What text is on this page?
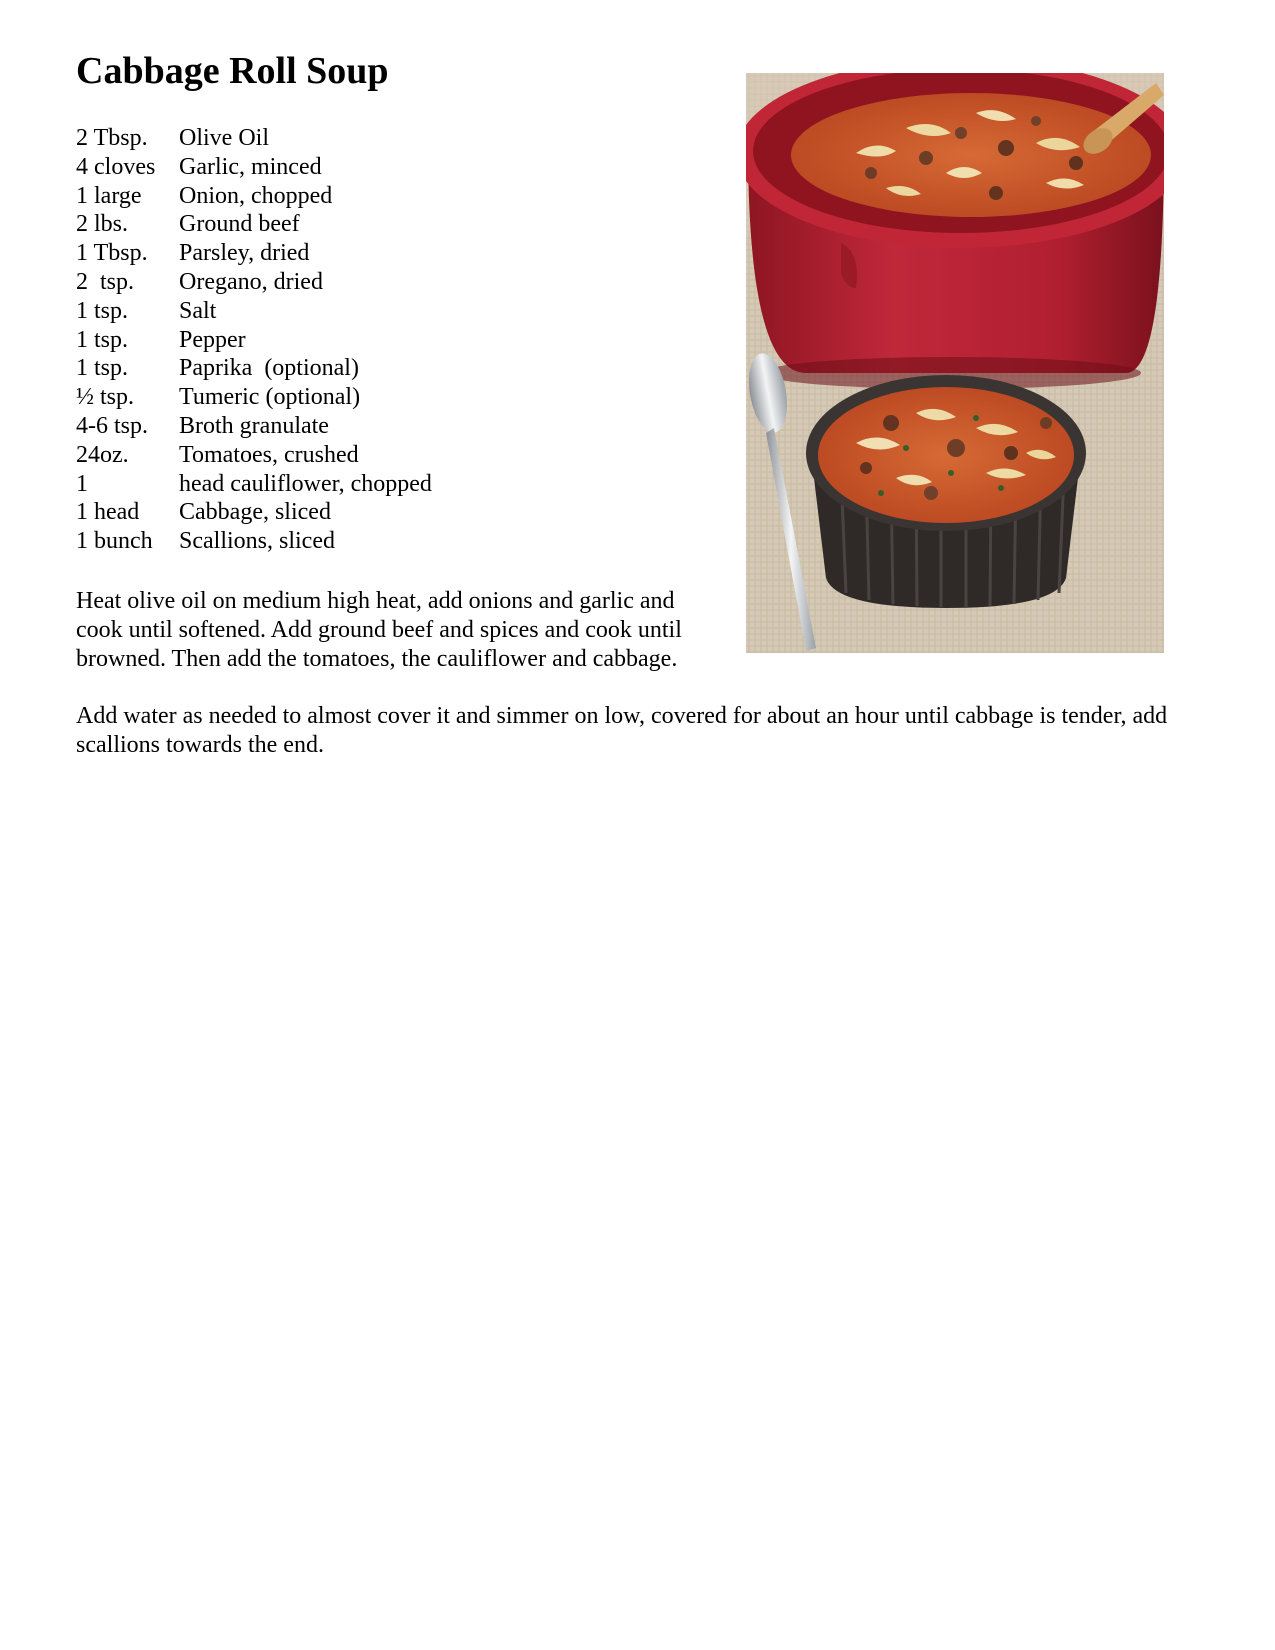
Cabbage Roll Soup
2 Tbsp.	Olive Oil
4 cloves Garlic, minced
1 large	Onion, chopped
2 lbs.	Ground beef
1 Tbsp.	Parsley, dried
2  tsp.	Oregano, dried
1 tsp.	Salt
1 tsp.	Pepper
1 tsp.	Paprika  (optional)
½ tsp.	Tumeric (optional)
4-6 tsp.	Broth granulate
24oz.	Tomatoes, crushed
1	head cauliflower, chopped
1 head	Cabbage, sliced
1 bunch	Scallions, sliced

Heat olive oil on medium high heat, add onions and garlic and cook until softened. Add ground beef and spices and cook until browned. Then add the tomatoes, the cauliflower and cabbage.

Add water as needed to almost cover it and simmer on low, covered for about an hour until cabbage is tender, add scallions towards the end.
